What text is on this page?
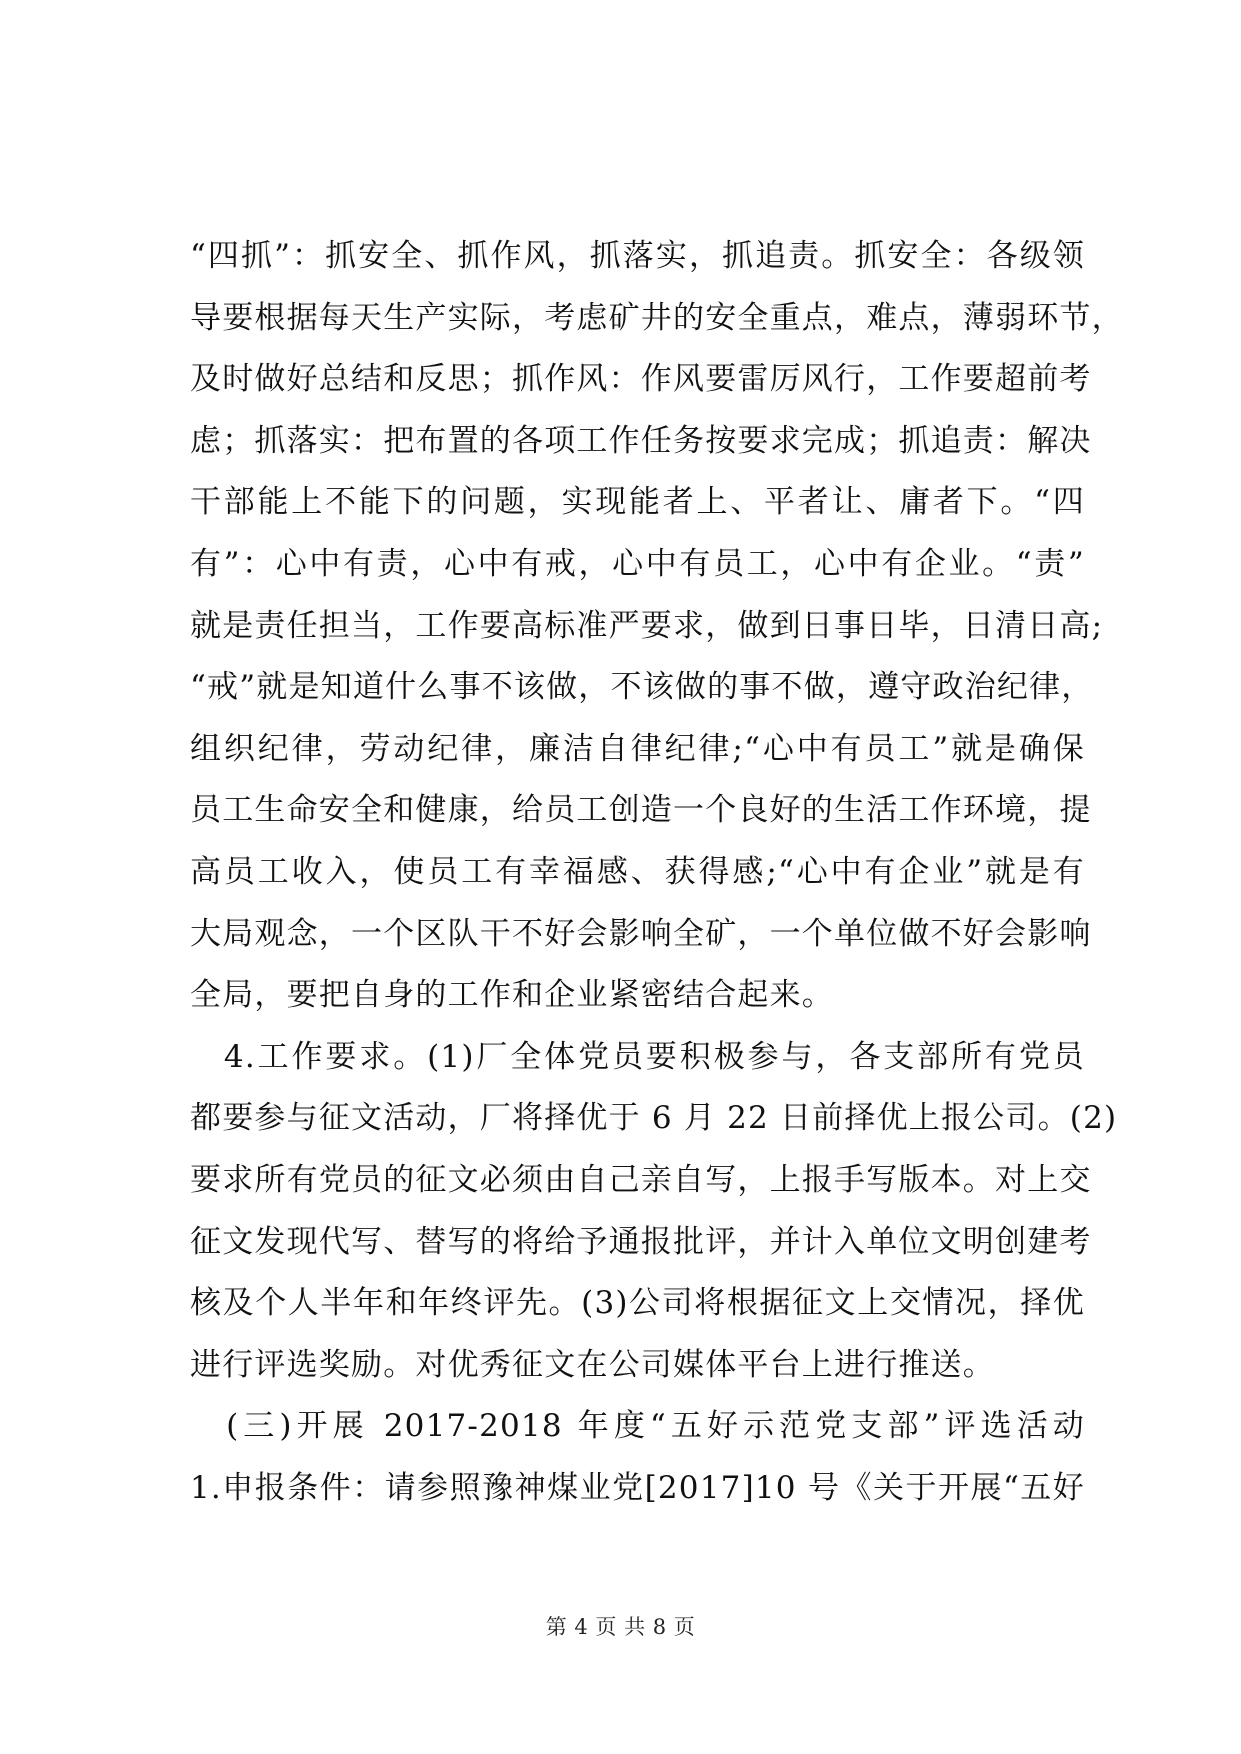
“四抓”：抓安全、抓作风，抓落实，抓追责。抓安全：各级领
导要根据每天生产实际，考虑矿井的安全重点，难点，薄弱环节，
及时做好总结和反思；抓作风：作风要雷厉风行，工作要超前考
虑；抓落实：把布置的各项工作任务按要求完成；抓追责：解决
干部能上不能下的问题，实现能者上、平者让、庸者下。“四
有”：心中有责，心中有戒，心中有员工，心中有企业。“责”
就是责任担当，工作要高标准严要求，做到日事日毕，日清日高;
“戒”就是知道什么事不该做，不该做的事不做，遵守政治纪律，
组织纪律，劳动纪律，廉洁自律纪律;“心中有员工”就是确保
员工生命安全和健康，给员工创造一个良好的生活工作环境，提
高员工收入，使员工有幸福感、获得感;“心中有企业”就是有
大局观念，一个区队干不好会影响全矿，一个单位做不好会影响
全局，要把自身的工作和企业紧密结合起来。
　4.工作要求。(1)厂全体党员要积极参与，各支部所有党员
都要参与征文活动，厂将择优于 6 月 22 日前择优上报公司。(2)
要求所有党员的征文必须由自己亲自写，上报手写版本。对上交
征文发现代写、替写的将给予通报批评，并计入单位文明创建考
核及个人半年和年终评先。(3)公司将根据征文上交情况，择优
进行评选奖励。对优秀征文在公司媒体平台上进行推送。
　(三)开展 2017-2018 年度“五好示范党支部”评选活动
1.申报条件：请参照豫神煤业党[2017]10 号《关于开展“五好
第 4 页 共 8 页
